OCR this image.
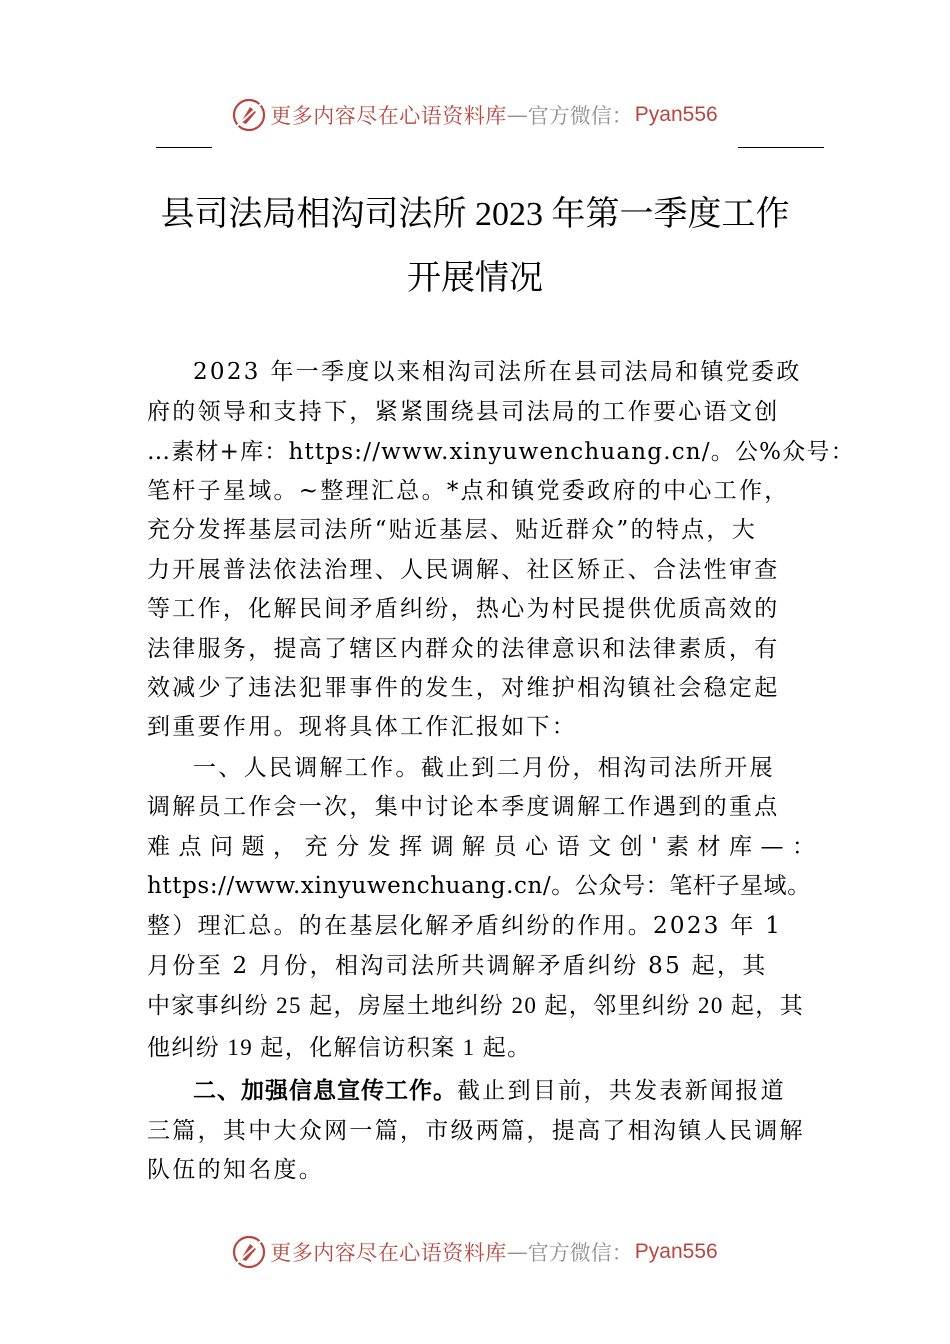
更多内容尽在心语资料库 — 官方微信： Pyan556
县司法局相沟司法所 2023 年第一季度工作
开展情况
2023 年一季度以来相沟司法所在县司法局和镇党委政
府的领导和支持下，紧紧围绕县司法局的工作要心语文创
…素材+库：https://www.xinyuwenchuang.cn/。公%众号：
笔杆子星域。~整理汇总。*点和镇党委政府的中心工作，
充分发挥基层司法所“贴近基层、贴近群众”的特点，大
力开展普法依法治理、人民调解、社区矫正、合法性审查
等工作，化解民间矛盾纠纷，热心为村民提供优质高效的
法律服务，提高了辖区内群众的法律意识和法律素质，有
效减少了违法犯罪事件的发生，对维护相沟镇社会稳定起
到重要作用。现将具体工作汇报如下：
一、人民调解工作。截止到二月份，相沟司法所开展
调解员工作会一次，集中讨论本季度调解工作遇到的重点
难 点 问 题 ， 充 分 发 挥 调 解 员 心 语 文 创 ' 素 材 库 — ：
https://www.xinyuwenchuang.cn/。公众号：笔杆子星域。
整）理汇总。的在基层化解矛盾纠纷的作用。2023 年 1
月份至 2 月份，相沟司法所共调解矛盾纠纷 85 起，其
中家事纠纷 25 起，房屋土地纠纷 20 起，邻里纠纷 20 起，其
他纠纷 19 起，化解信访积案 1 起。
二、加强信息宣传工作。截止到目前，共发表新闻报道
三篇，其中大众网一篇，市级两篇，提高了相沟镇人民调解
队伍的知名度。
更多内容尽在心语资料库 — 官方微信： Pyan556
